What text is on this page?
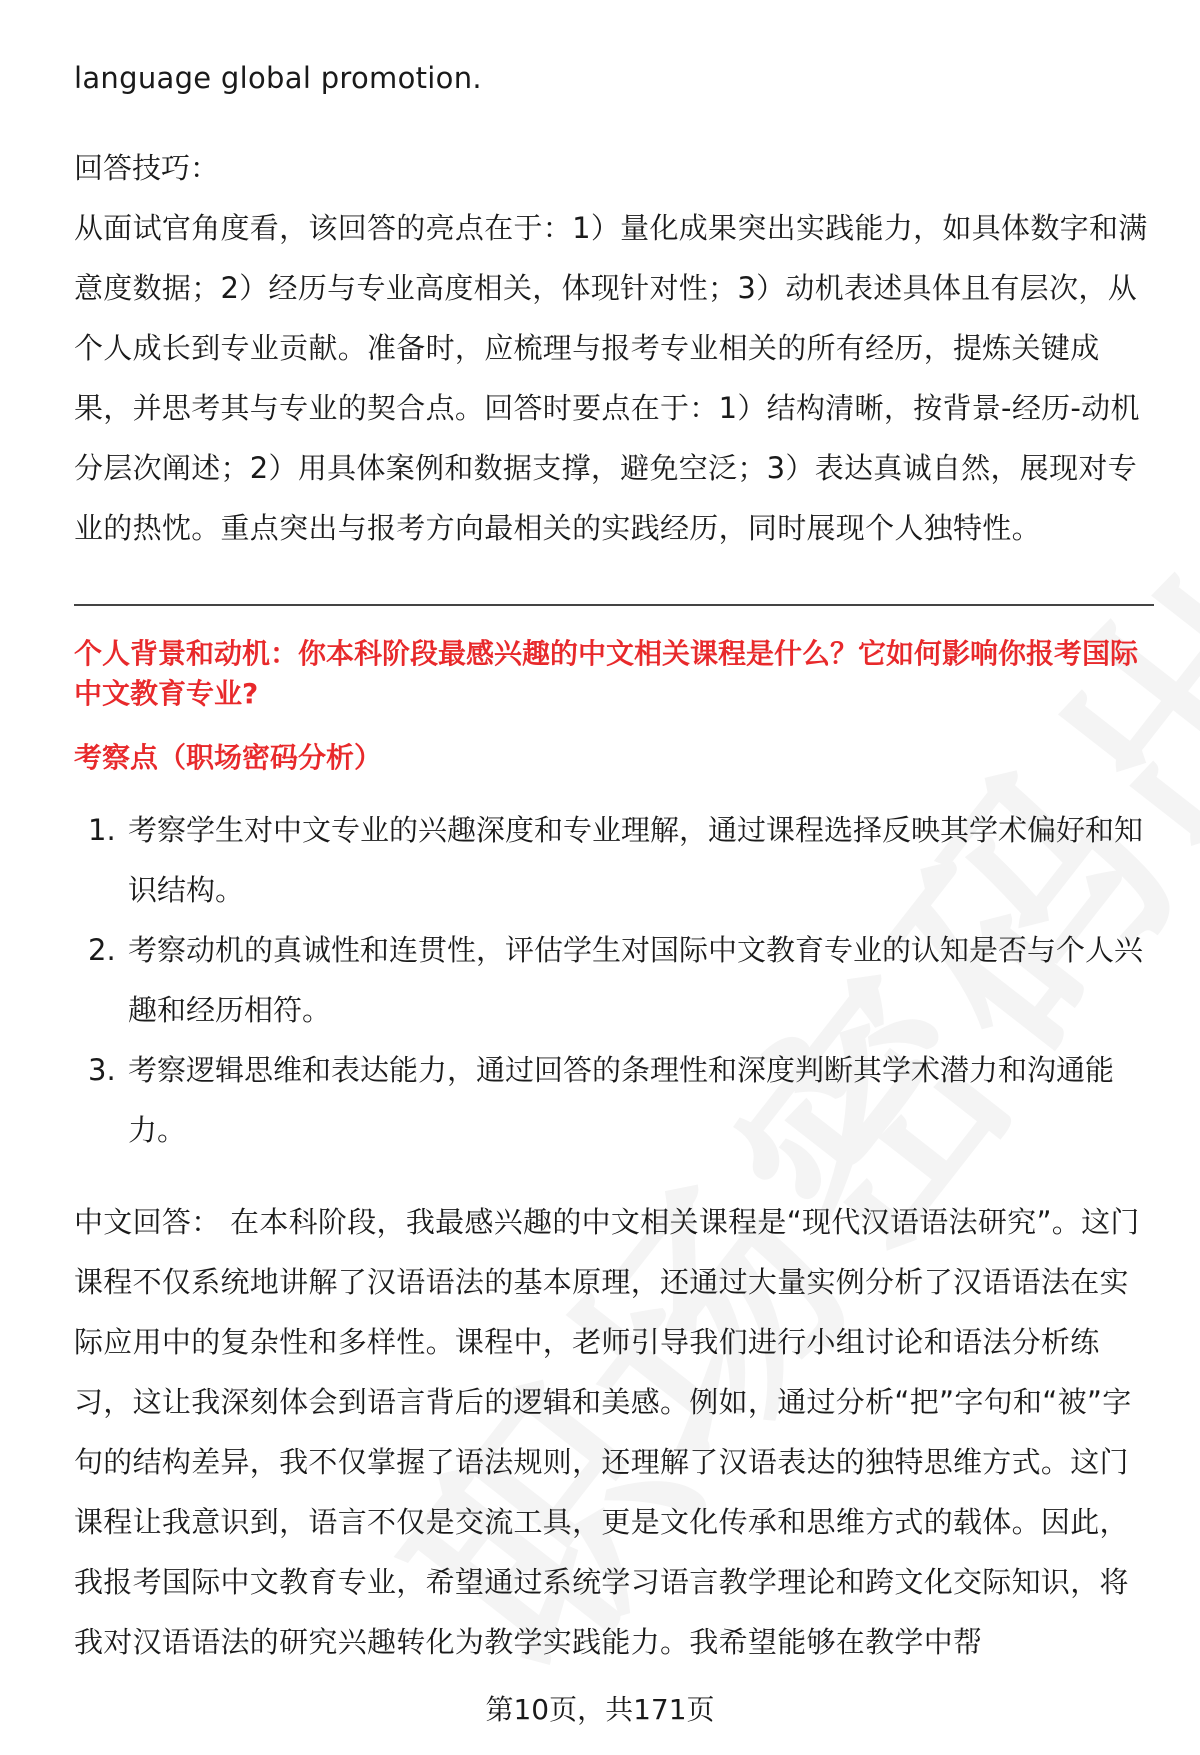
language global promotion.

回答技巧：

从面试官角度看，该回答的亮点在于：1）量化成果突出实践能力，如具体数字和满意度数据；2）经历与专业高度相关，体现针对性；3）动机表述具体且有层次，从个人成长到专业贡献。准备时，应梳理与报考专业相关的所有经历，提炼关键成果，并思考其与专业的契合点。回答时要点在于：1）结构清晰，按背景-经历-动机分层次阐述；2）用具体案例和数据支撑，避免空泛；3）表达真诚自然，展现对专业的热忱。重点突出与报考方向最相关的实践经历，同时展现个人独特性。

个人背景和动机：你本科阶段最感兴趣的中文相关课程是什么？它如何影响你报考国际中文教育专业?

考察点（职场密码分析）

1. 考察学生对中文专业的兴趣深度和专业理解，通过课程选择反映其学术偏好和知识结构。
2. 考察动机的真诚性和连贯性，评估学生对国际中文教育专业的认知是否与个人兴趣和经历相符。
3. 考察逻辑思维和表达能力，通过回答的条理性和深度判断其学术潜力和沟通能力。

中文回答： 在本科阶段，我最感兴趣的中文相关课程是“现代汉语语法研究”。这门课程不仅系统地讲解了汉语语法的基本原理，还通过大量实例分析了汉语语法在实际应用中的复杂性和多样性。课程中，老师引导我们进行小组讨论和语法分析练习，这让我深刻体会到语言背后的逻辑和美感。例如，通过分析“把”字句和“被”字句的结构差异，我不仅掌握了语法规则，还理解了汉语表达的独特思维方式。这门课程让我意识到，语言不仅是交流工具，更是文化传承和思维方式的载体。因此，我报考国际中文教育专业，希望通过系统学习语言教学理论和跨文化交际知识，将我对汉语语法的研究兴趣转化为教学实践能力。我希望能够在教学中帮

第10页，共171页
